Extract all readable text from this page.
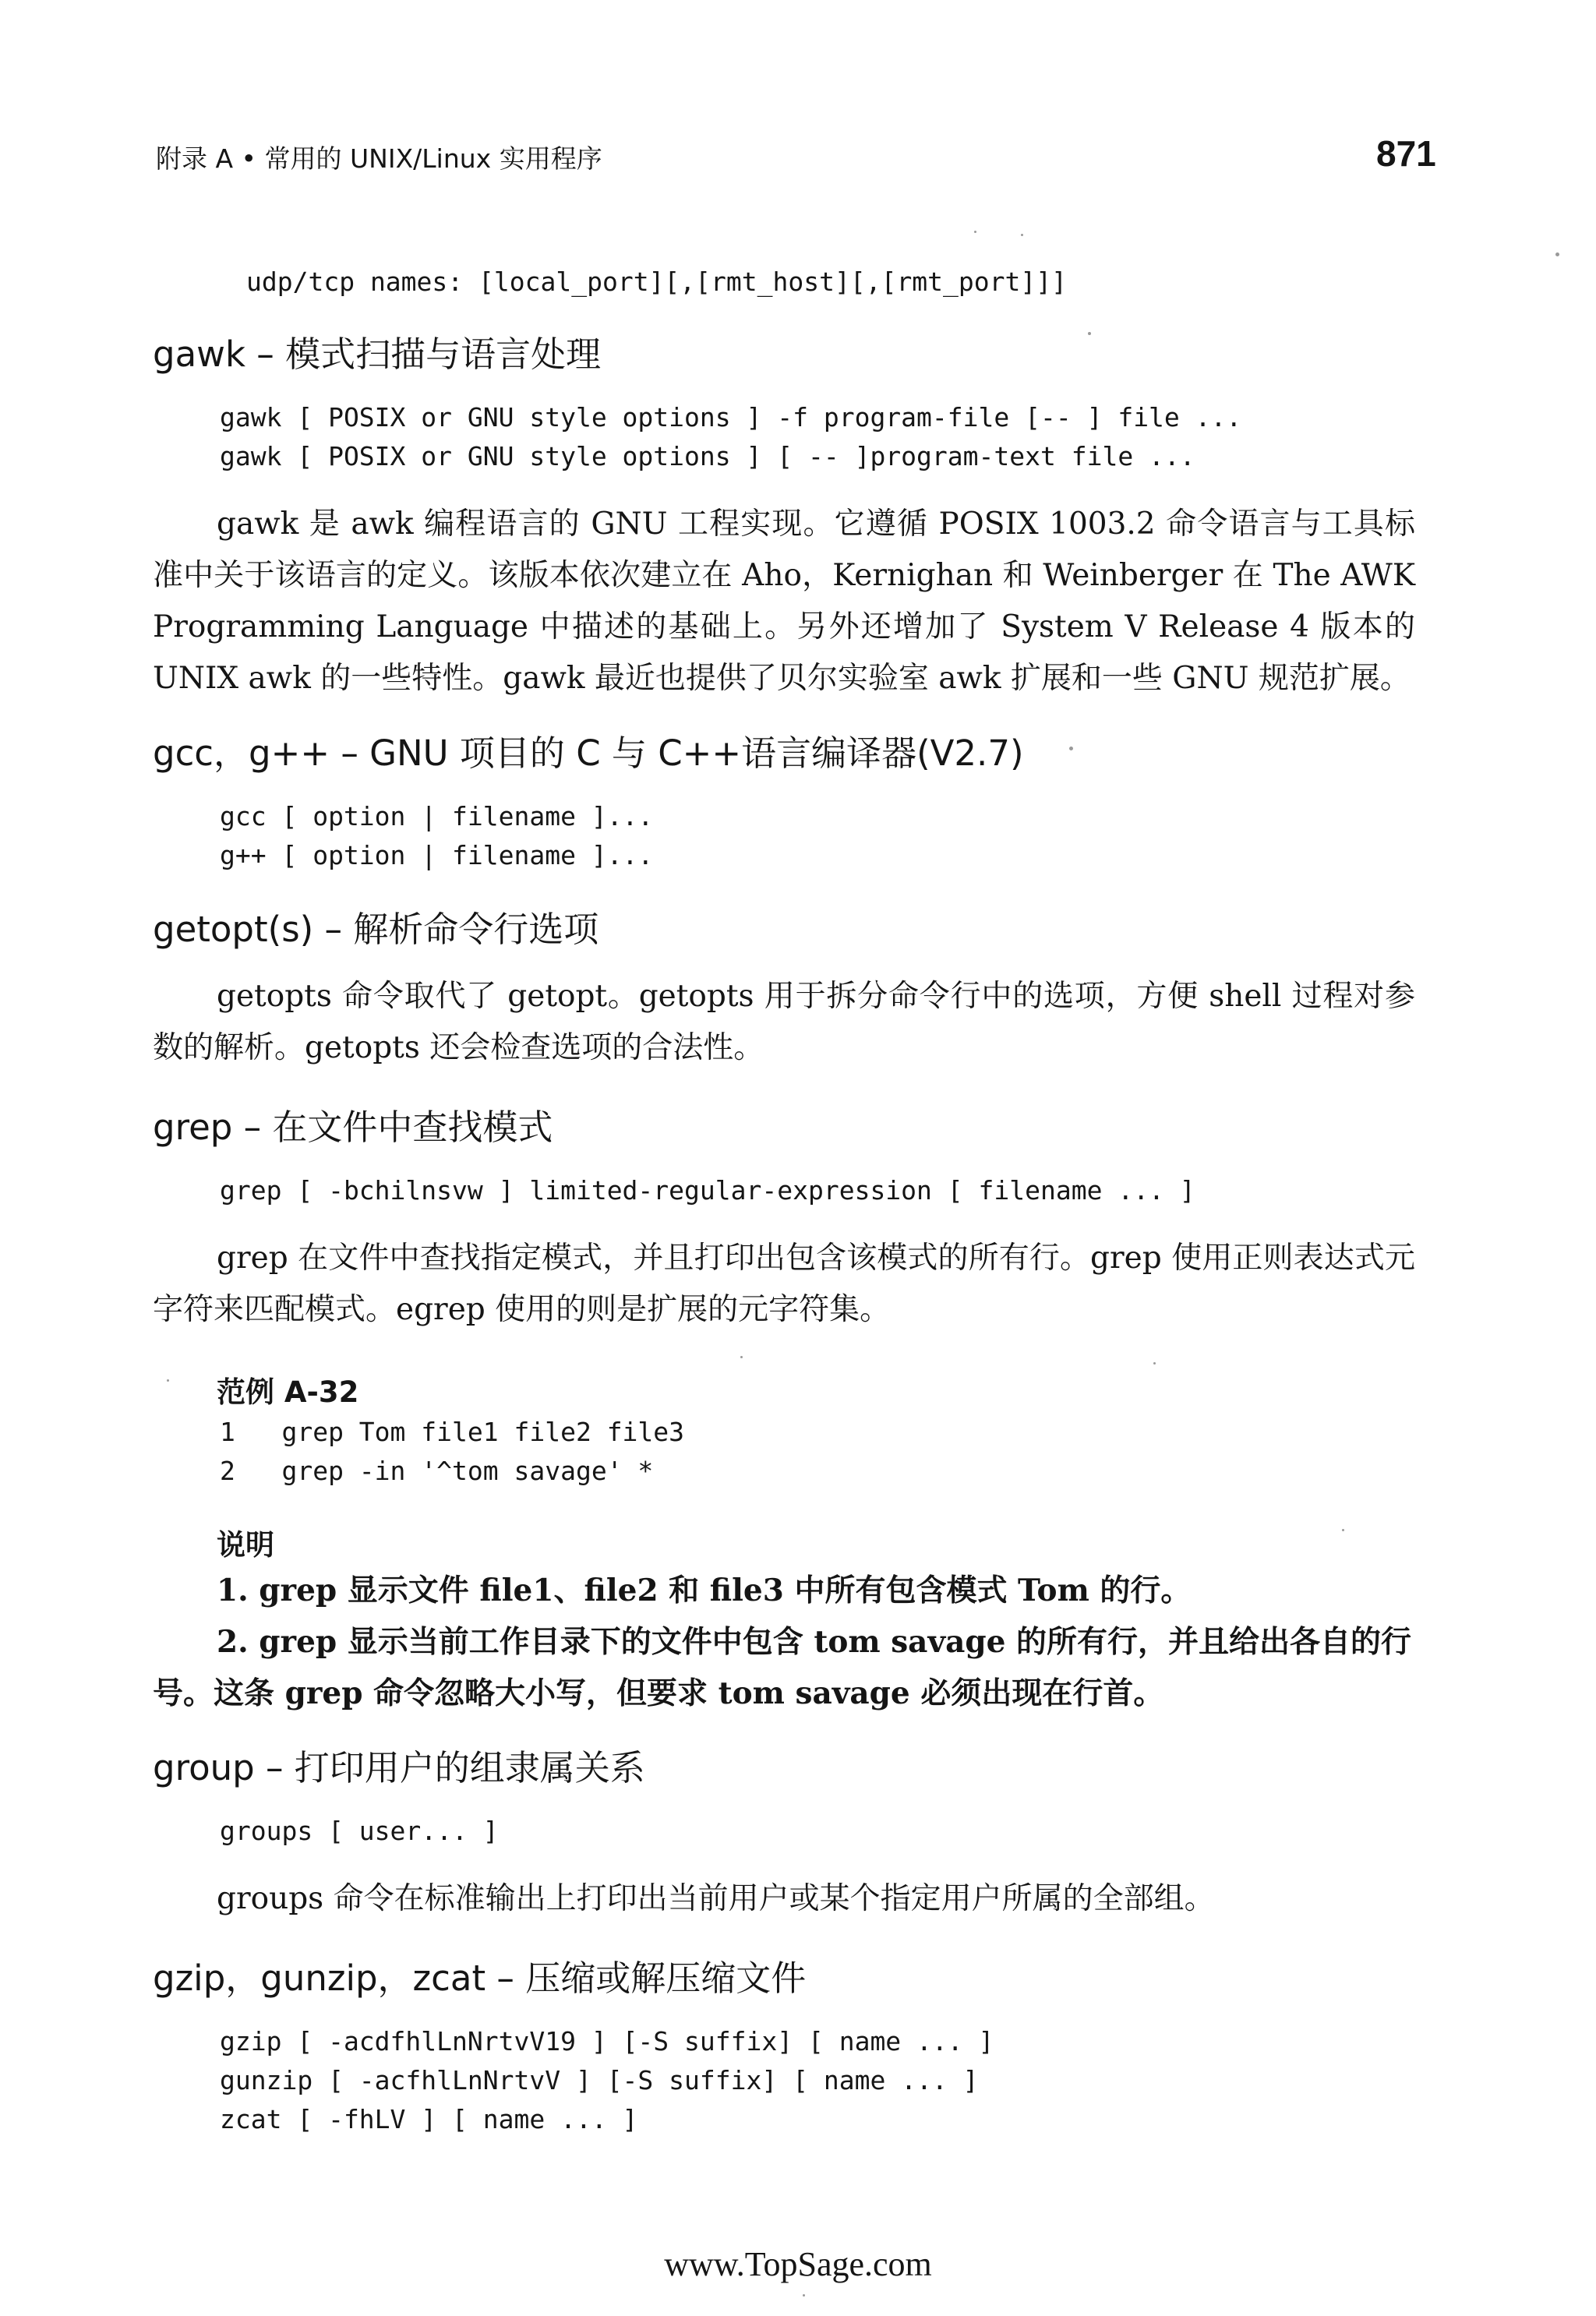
附录 A • 常用的 UNIX/Linux 实用程序	871
udp/tcp names: [local_port][,[rmt_host][,[rmt_port]]]
gawk – 模式扫描与语言处理
gawk [ POSIX or GNU style options ] -f program-file [-- ] file ...
gawk [ POSIX or GNU style options ] [ -- ]program-text file ...

gawk 是 awk 编程语言的 GNU 工程实现。它遵循 POSIX 1003.2 命令语言与工具标准中关于该语言的定义。该版本依次建立在 Aho，Kernighan 和 Weinberger 在 The AWK Programming Language 中描述的基础上。另外还增加了 System V Release 4 版本的 UNIX awk 的一些特性。gawk 最近也提供了贝尔实验室 awk 扩展和一些 GNU 规范扩展。

gcc，g++ – GNU 项目的 C 与 C++语言编译器(V2.7)
gcc [ option | filename ]...
g++ [ option | filename ]...
getopt(s) – 解析命令行选项

getopts 命令取代了 getopt。getopts 用于拆分命令行中的选项，方便 shell 过程对参数的解析。getopts 还会检查选项的合法性。

grep – 在文件中查找模式
grep [ -bchilnsvw ] limited-regular-expression [ filename ... ]

grep 在文件中查找指定模式，并且打印出包含该模式的所有行。grep 使用正则表达式元字符来匹配模式。egrep 使用的则是扩展的元字符集。

范例 A-32
1   grep Tom file1 file2 file3
2   grep -in '^tom savage' *
说明

1. grep 显示文件 file1、file2 和 file3 中所有包含模式 Tom 的行。

2. grep 显示当前工作目录下的文件中包含 tom savage 的所有行，并且给出各自的行号。这条 grep 命令忽略大小写，但要求 tom savage 必须出现在行首。

group – 打印用户的组隶属关系
groups [ user... ]

groups 命令在标准输出上打印出当前用户或某个指定用户所属的全部组。

gzip，gunzip，zcat – 压缩或解压缩文件
gzip [ -acdfhlLnNrtvV19 ] [-S suffix] [ name ... ]
gunzip [ -acfhlLnNrtvV ] [-S suffix] [ name ... ]
zcat [ -fhLV ] [ name ... ]
www.TopSage.com
